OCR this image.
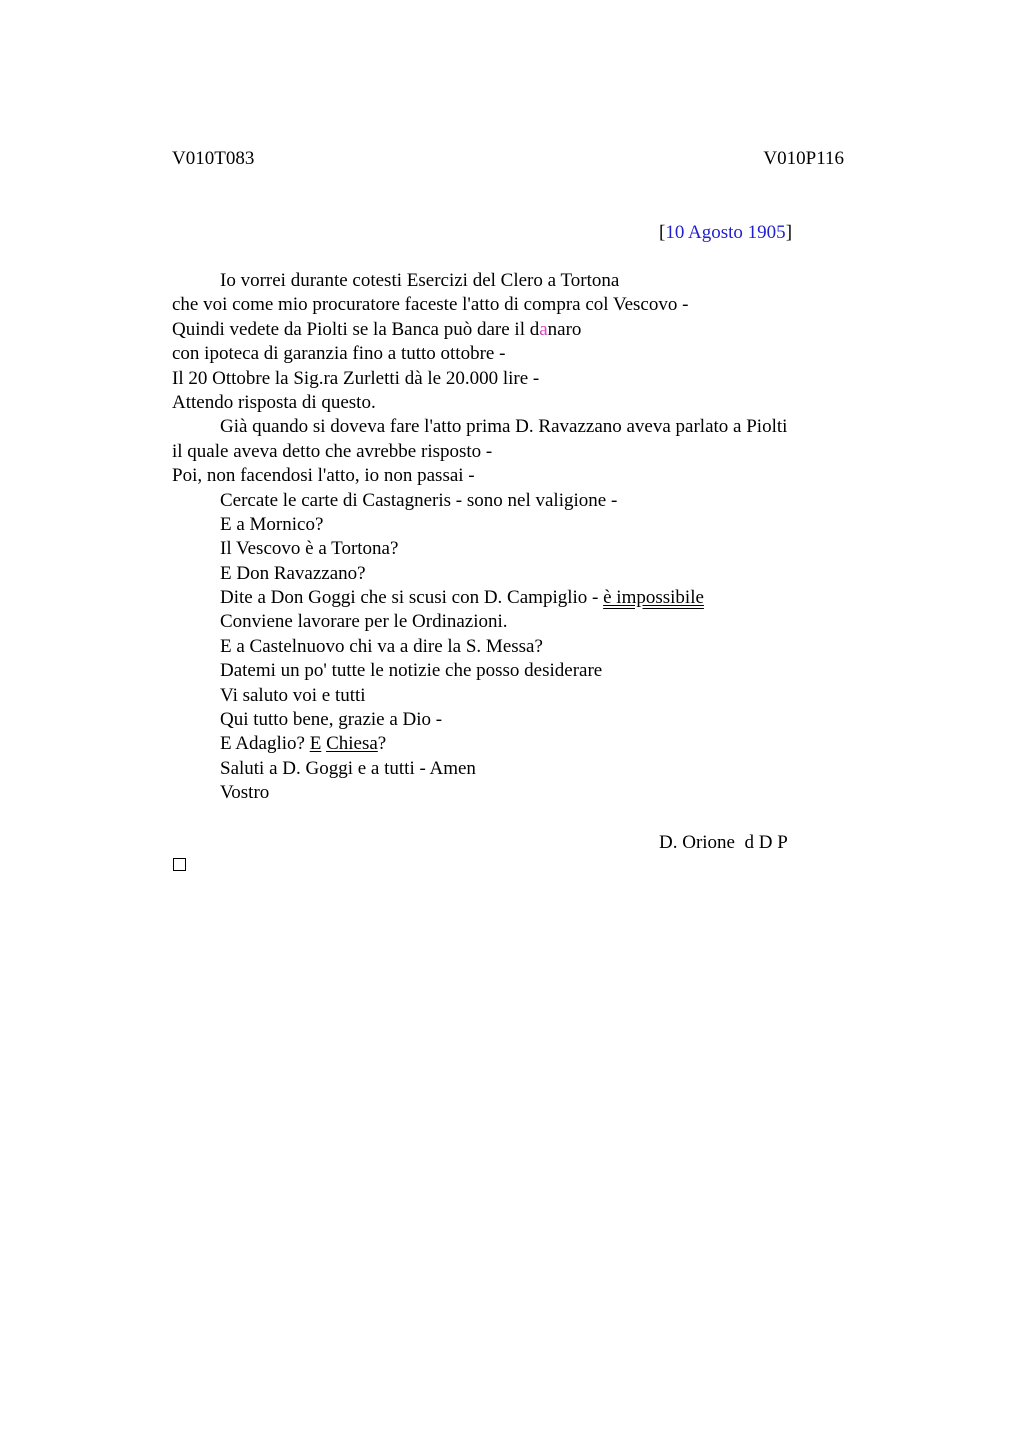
V010T083	V010P116
[10 Agosto 1905]
Io vorrei durante cotesti Esercizi del Clero a Tortona
che voi come mio procuratore faceste l'atto di compra col Vescovo -
Quindi vedete da Piolti se la Banca può dare il danaro
con ipoteca di garanzia fino a tutto ottobre -
Il 20 Ottobre la Sig.ra Zurletti dà le 20.000 lire -
Attendo risposta di questo.
Già quando si doveva fare l'atto prima D. Ravazzano aveva parlato a Piolti
il quale aveva detto che avrebbe risposto -
Poi, non facendosi l'atto, io non passai -
Cercate le carte di Castagneris - sono nel valigione -
E a Mornico?
Il Vescovo è a Tortona?
E Don Ravazzano?
Dite a Don Goggi che si scusi con D. Campiglio - è impossibile
Conviene lavorare per le Ordinazioni.
E a Castelnuovo chi va a dire la S. Messa?
Datemi un po' tutte le notizie che posso desiderare
Vi saluto voi e tutti
Qui tutto bene, grazie a Dio -
E Adaglio? E Chiesa?
Saluti a D. Goggi e a tutti - Amen
Vostro
D. Orione  d D P
